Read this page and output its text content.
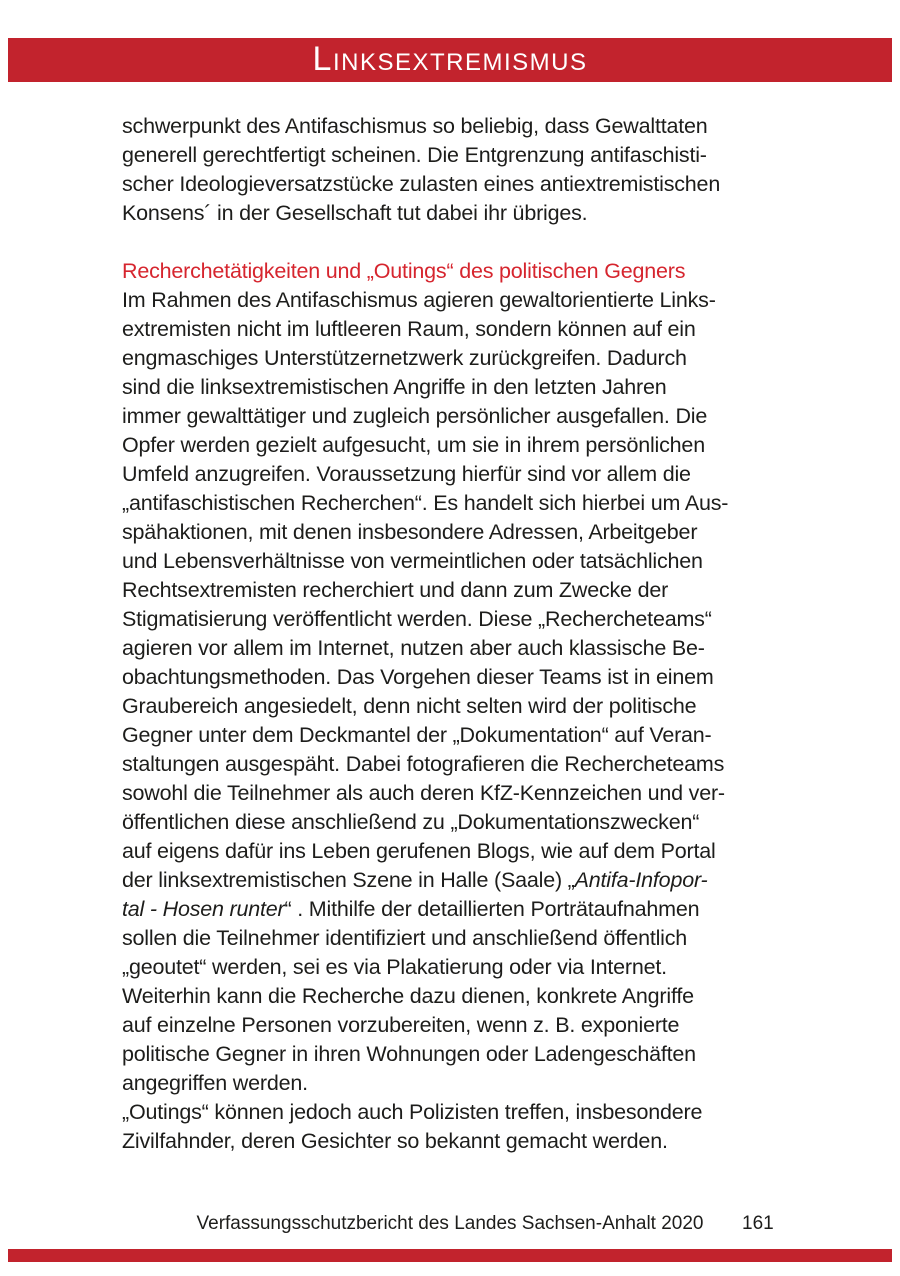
L INKSEXTREMISMUS
schwerpunkt des Antifaschismus so beliebig, dass Gewalttaten
generell gerechtfertigt scheinen. Die Entgrenzung antifaschisti-
scher Ideologieversatzstücke zulasten eines antiextremistischen
Konsens´ in der Gesellschaft tut dabei ihr übriges.
Recherchetätigkeiten und „Outings“ des politischen Gegners
Im Rahmen des Antifaschismus agieren gewaltorientierte Links-
extremisten nicht im luftleeren Raum, sondern können auf ein
engmaschiges Unterstützernetzwerk zurückgreifen. Dadurch
sind die linksextremistischen Angriffe in den letzten Jahren
immer gewalttätiger und zugleich persönlicher ausgefallen. Die
Opfer werden gezielt aufgesucht, um sie in ihrem persönlichen
Umfeld anzugreifen. Voraussetzung hierfür sind vor allem die
„antifaschistischen Recherchen“. Es handelt sich hierbei um Aus-
spähaktionen, mit denen insbesondere Adressen, Arbeitgeber
und Lebensverhältnisse von vermeintlichen oder tatsächlichen
Rechtsextremisten recherchiert und dann zum Zwecke der
Stigmatisierung veröffentlicht werden. Diese „Rechercheteams“
agieren vor allem im Internet, nutzen aber auch klassische Be-
obachtungsmethoden. Das Vorgehen dieser Teams ist in einem
Graubereich angesiedelt, denn nicht selten wird der politische
Gegner unter dem Deckmantel der „Dokumentation“ auf Veran-
staltungen ausgespäht. Dabei fotografieren die Rechercheteams
sowohl die Teilnehmer als auch deren KfZ-Kennzeichen und ver-
öffentlichen diese anschließend zu „Dokumentationszwecken“
auf eigens dafür ins Leben gerufenen Blogs, wie auf dem Portal
der linksextremistischen Szene in Halle (Saale) „Antifa-Infopor-
tal - Hosen runter“ . Mithilfe der detaillierten Porträtaufnahmen
sollen die Teilnehmer identifiziert und anschließend öffentlich
„geoutet“ werden, sei es via Plakatierung oder via Internet.
Weiterhin kann die Recherche dazu dienen, konkrete Angriffe
auf einzelne Personen vorzubereiten, wenn z. B. exponierte
politische Gegner in ihren Wohnungen oder Ladengeschäften
angegriffen werden.
„Outings“ können jedoch auch Polizisten treffen, insbesondere
Zivilfahnder, deren Gesichter so bekannt gemacht werden.
Verfassungsschutzbericht des Landes Sachsen-Anhalt 2020	161
